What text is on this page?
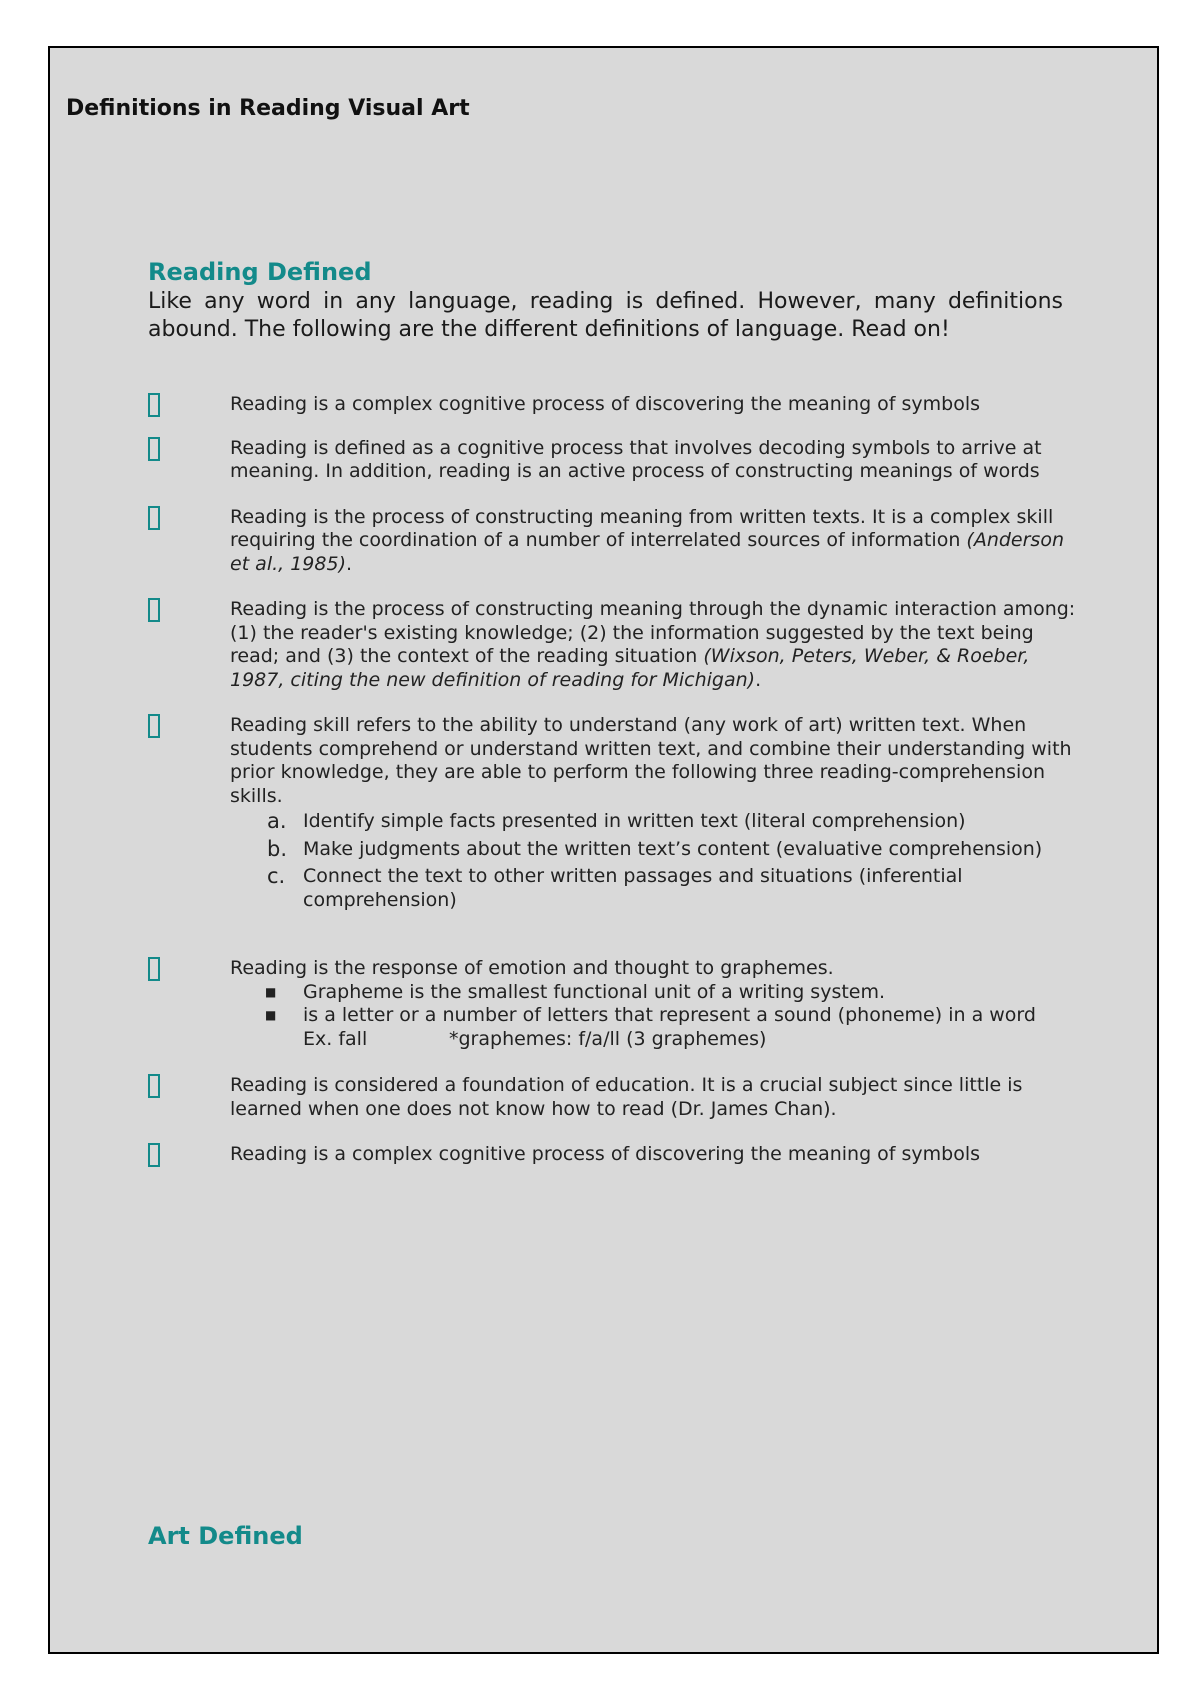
Definitions in Reading Visual Art
Reading Defined

Like any word in any language, reading is defined. However, many definitions abound. The following are the different definitions of language. Read on!

Reading is a complex cognitive process of discovering the meaning of symbols
Reading is defined as a cognitive process that involves decoding symbols to arrive at meaning. In addition, reading is an active process of constructing meanings of words
Reading is the process of constructing meaning from written texts. It is a complex skill requiring the coordination of a number of interrelated sources of information (Anderson et al., 1985).
Reading is the process of constructing meaning through the dynamic interaction among: (1) the reader's existing knowledge; (2) the information suggested by the text being read; and (3) the context of the reading situation (Wixson, Peters, Weber, & Roeber, 1987, citing the new definition of reading for Michigan).
Reading skill refers to the ability to understand (any work of art) written text. When students comprehend or understand written text, and combine their understanding with prior knowledge, they are able to perform the following three reading-comprehension skills.
a. Identify simple facts presented in written text (literal comprehension)
b. Make judgments about the written text’s content (evaluative comprehension)
c. Connect the text to other written passages and situations (inferential comprehension)
Reading is the response of emotion and thought to graphemes.
■	Grapheme is the smallest functional unit of a writing system.
■	is a letter or a number of letters that represent a sound (phoneme) in a word
Ex. fall	*graphemes: f/a/ll (3 graphemes)
Reading is considered a foundation of education. It is a crucial subject since little is learned when one does not know how to read (Dr. James Chan).
Reading is a complex cognitive process of discovering the meaning of symbols
Art Defined
